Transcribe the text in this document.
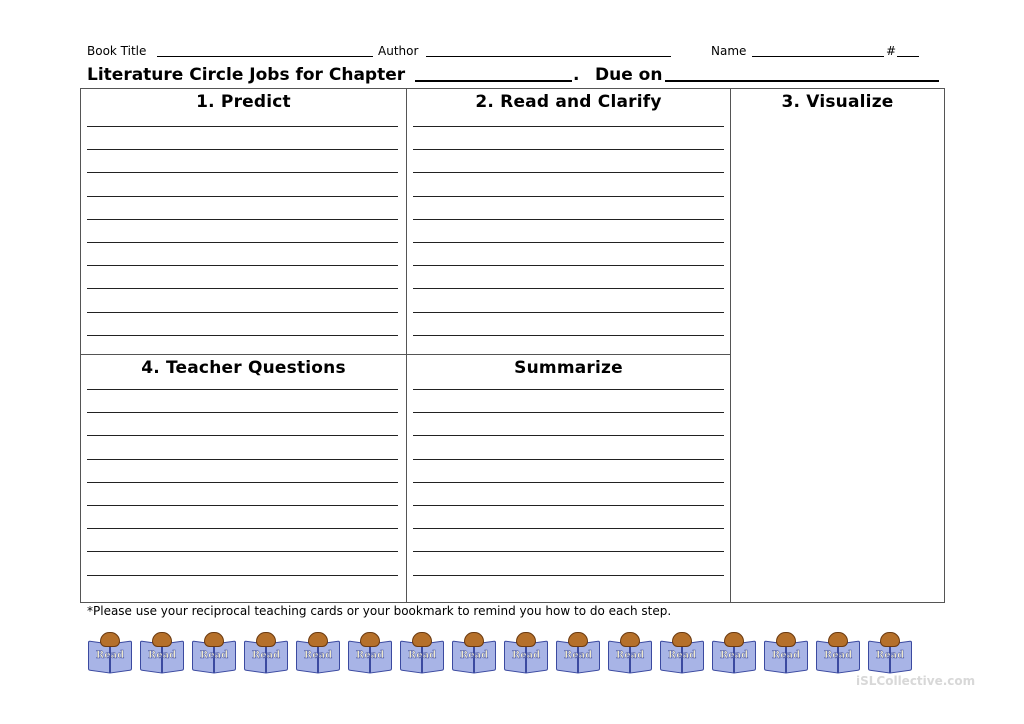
Book Title	Author	Name	#
Literature Circle Jobs for Chapter	. Due on
1. Predict	2. Read and Clarify	3. Visualize
4. Teacher Questions	Summarize
*Please use your reciprocal teaching cards or your bookmark to remind you how to do each step.
Read	Read	Read	Read	Read	Read	Read	Read	Read	Read	Read	Read	Read	Read	Read	Read
iSLCollective.com
